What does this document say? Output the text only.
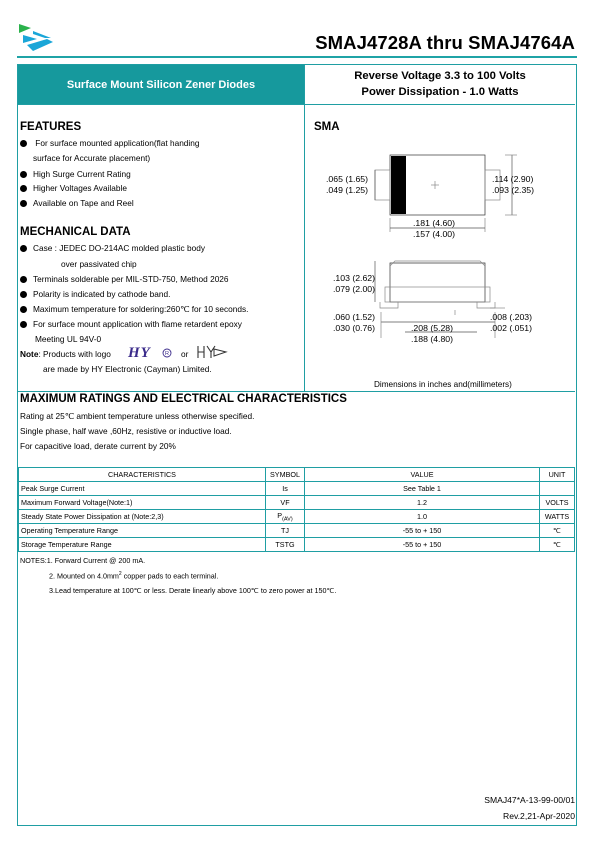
SMAJ4728A thru SMAJ4764A
Surface Mount Silicon Zener Diodes
Reverse Voltage 3.3 to 100 Volts
Power Dissipation - 1.0 Watts
FEATURES
For surface mounted application(flat handing
surface for Accurate placement)
High Surge Current Rating
Higher Voltages Available
Available on Tape and Reel
MECHANICAL DATA
Case : JEDEC DO-214AC molded plastic body
over passivated chip
Terminals solderable per MIL-STD-750, Method 2026
Polarity is indicated by cathode band.
Maximum temperature for soldering:260℃ for 10 seconds.
For surface mount application with flame retardent epoxy
Meeting UL 94V-0
Note: Products with logo HY	R or
are made by HY Electronic (Cayman) Limited.
SMA
.065 (1.65)
.049 (1.25)
.114 (2.90)
.093 (2.35)
.181 (4.60)
.157 (4.00)
.103 (2.62)
.079 (2.00)
.060 (1.52)
.030 (0.76)	.208 (5.28)
.188 (4.80)
.008 (.203)
.002 (.051)
Dimensions in inches and(millimeters)
MAXIMUM RATINGS AND ELECTRICAL CHARACTERISTICS
Rating at 25℃ ambient temperature unless otherwise specified.
Single phase, half wave ,60Hz, resistive or inductive load.
For capacitive load, derate current by 20%
CHARACTERISTICS	SYMBOL	VALUE	UNIT
Peak Surge Current	Is	See Table 1	
Maximum Forward Voltage(Note:1)	VF	1.2	VOLTS
Steady State Power Dissipation at (Note:2,3)	$P_{(AV)}$	1.0	WATTS
Operating Temperature Range	TJ	-55 to + 150	℃
Storage Temperature Range	TSTG	-55 to + 150	℃
NOTES:1. Forward Current @ 200 mA.
2. Mounted on $4.0mm^2$ copper pads to each terminal.
3.Lead temperature at 100℃ or less. Derate linearly above 100℃ to zero power at 150℃.
SMAJ47*A-13-99-00/01
Rev.2,21-Apr-2020
